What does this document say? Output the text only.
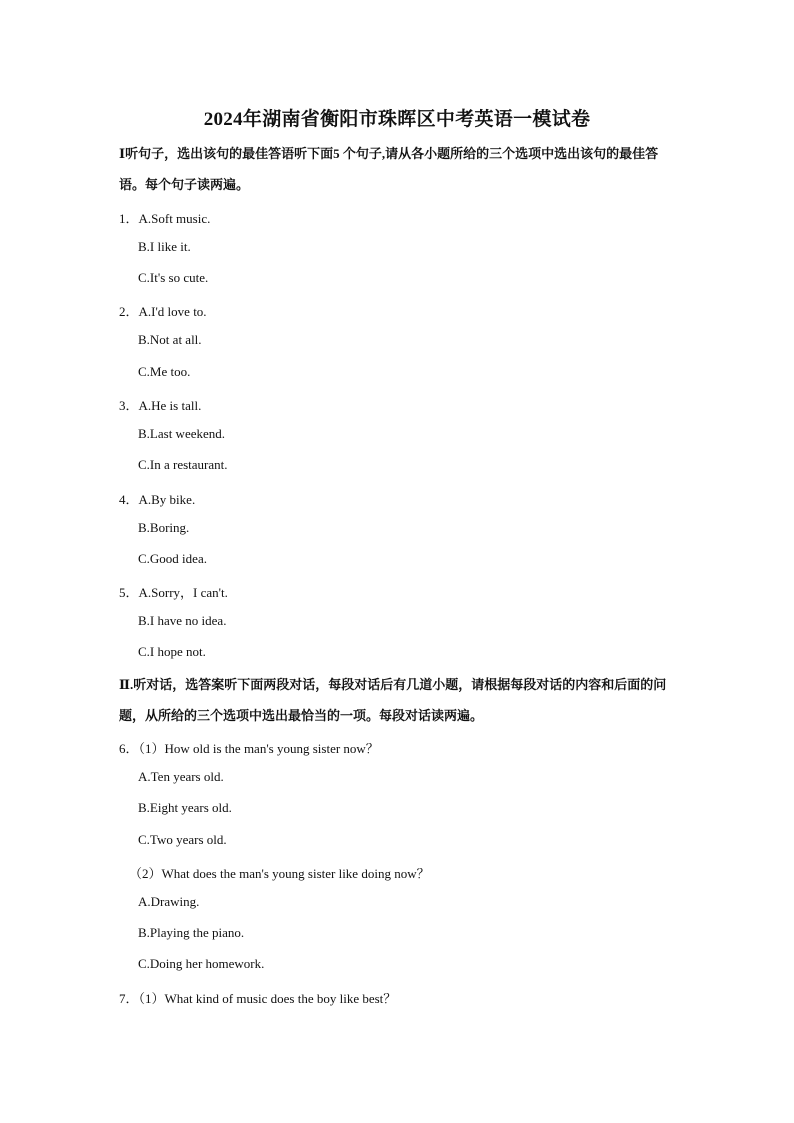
2024年湖南省衡阳市珠晖区中考英语一模试卷
Ⅰ听句子，选出该句的最佳答语听下面5 个句子,请从各小题所给的三个选项中选出该句的最佳答语。每个句子读两遍。
1．A.Soft music.
B.I like it.
C.It's so cute.
2．A.I'd love to.
B.Not at all.
C.Me too.
3．A.He is tall.
B.Last weekend.
C.In a restaurant.
4．A.By bike.
B.Boring.
C.Good idea.
5．A.Sorry，I can't.
B.I have no idea.
C.I hope not.
Ⅱ.听对话，选答案听下面两段对话，每段对话后有几道小题，请根据每段对话的内容和后面的问题，从所给的三个选项中选出最恰当的一项。每段对话读两遍。
6．（1）How old is the man's young sister now？
A.Ten years old.
B.Eight years old.
C.Two years old.
（2）What does the man's young sister like doing now？
A.Drawing.
B.Playing the piano.
C.Doing her homework.
7．（1）What kind of music does the boy like best？
